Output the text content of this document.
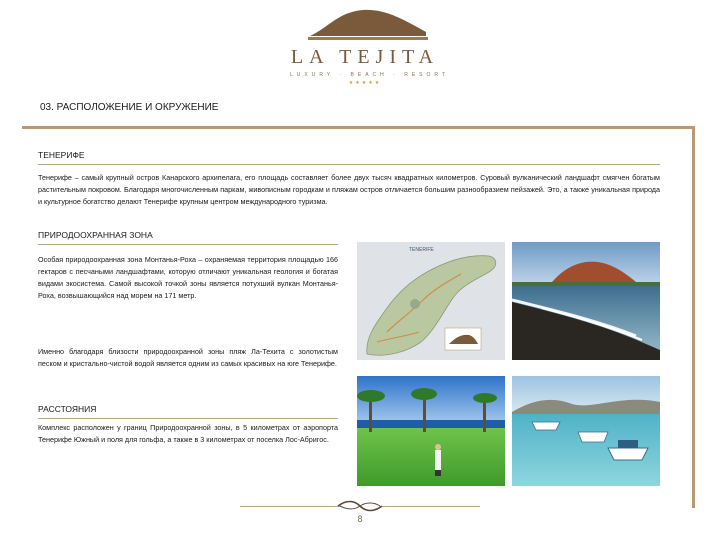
LA TEJITA
LUXURY · BEACH · RESORT
★★★★★
03. РАСПОЛОЖЕНИЕ И ОКРУЖЕНИЕ
ТЕНЕРИФЕ
Тенерифе – самый крупный остров Канарского архипелага, его площадь составляет более двух тысяч квадратных километров. Суровый вулканический ландшафт смягчен богатым растительным покровом. Благодаря многочисленным паркам, живописным городкам и пляжам остров отличается большим разнообразием пейзажей. Это, а также уникальная природа и культурное богатство делают Тенерифе крупным центром международного туризма.
ПРИРОДООХРАННАЯ ЗОНА
Особая природоохранная зона Монтанья-Роха – охраняемая территория площадью 166 гектаров с песчаными ландшафтами, которую отличают уникальная геология и богатая видами экосистема. Самой высокой точкой зоны является потухший вулкан Монтанья-Роха, возвышающийся над морем на 171 метр.
Именно благодаря близости природоохранной зоны пляж Ла-Техита с золотистым песком и кристально-чистой водой является одним из самых красивых на юге Тенерифе.
РАССТОЯНИЯ
Комплекс расположен у границ Природоохранной зоны, в 5 километрах от аэропорта Тенерифе Южный и поля для гольфа, а также в 3 километрах от поселка Лос-Абригос.
TENERIFE
8
